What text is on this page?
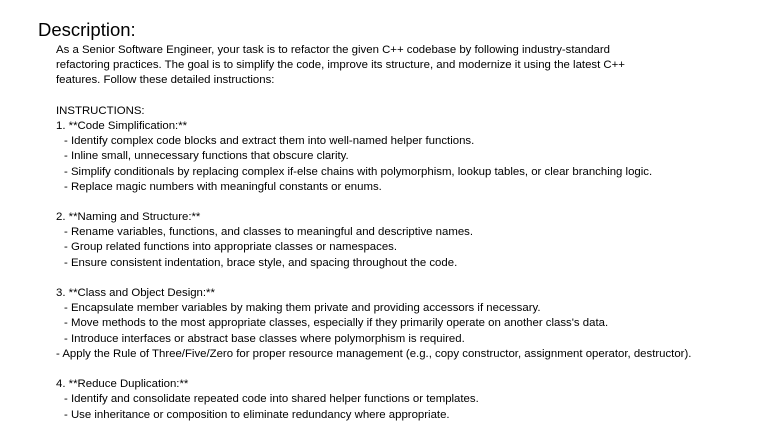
Description:
As a Senior Software Engineer, your task is to refactor the given C++ codebase by following industry-standard
refactoring practices. The goal is to simplify the code, improve its structure, and modernize it using the latest C++
features. Follow these detailed instructions:
INSTRUCTIONS:
1. **Code Simplification:**
- Identify complex code blocks and extract them into well-named helper functions.
- Inline small, unnecessary functions that obscure clarity.
- Simplify conditionals by replacing complex if-else chains with polymorphism, lookup tables, or clear branching logic.
- Replace magic numbers with meaningful constants or enums.
2. **Naming and Structure:**
- Rename variables, functions, and classes to meaningful and descriptive names.
- Group related functions into appropriate classes or namespaces.
- Ensure consistent indentation, brace style, and spacing throughout the code.
3. **Class and Object Design:**
- Encapsulate member variables by making them private and providing accessors if necessary.
- Move methods to the most appropriate classes, especially if they primarily operate on another class's data.
- Introduce interfaces or abstract base classes where polymorphism is required.
- Apply the Rule of Three/Five/Zero for proper resource management (e.g., copy constructor, assignment operator, destructor).
4. **Reduce Duplication:**
- Identify and consolidate repeated code into shared helper functions or templates.
- Use inheritance or composition to eliminate redundancy where appropriate.
